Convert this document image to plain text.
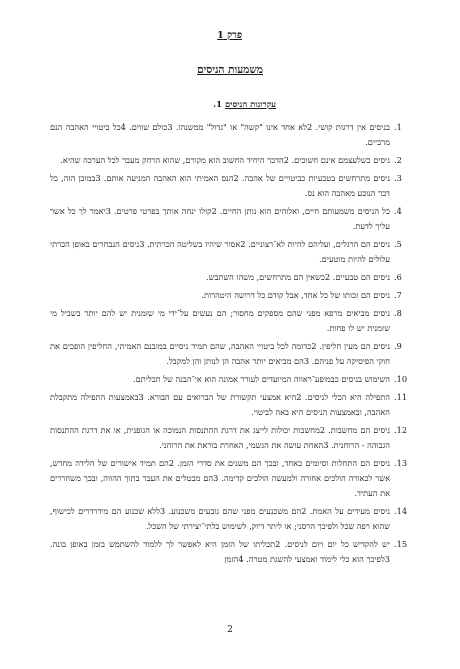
פרק 1
משמעות הניסים
עקרונות הניסים 1.
1.
בניסים אין דרגות קושי. 2לא אחד אינו "קשה" או "גדול" ממשנהו. 3כולם שווים. 4כל ביטויי האהבה הנם מרביים.
2.
ניסים כשלעצמם אינם חשובים. 2הדבר היחיד החשוב הוא מקורם, שהוא הרחק מעבר לכל הערכה שהיא.
3.
ניסים מתרחשים בטבעיות כביטויים של אהבה. 2הנס האמיתי הוא האהבה המניעה אותם. 3במובן הזה, כל דבר הנובע מאהבה הוא נס.
4.
כל הניסים משמעותם חיים, ואלוהים הוא נותן החיים. 2קולו ינחה אותך בפרטי פרטים. 3יאמר לך כל אשר עליך לדעת.
5.
ניסים הם הרגלים, ועליהם להיות לא־רצוניים. 2אסור שיהיו בשליטה הכרתית. 3ניסים הנבחרים באופן הכרתי עלולים להיות מוטעים.
6.
ניסים הם טבעיים. 2כשאין הם מתרחשים, משהו השתבש.
7.
ניסים הם זכותו של כל אחד, אבל קודם כל דרושה היטהרות.
8.
ניסים מביאים מרפא מפני שהם מספקים מחסור; הם נעשים על־ידי מי שזמנית יש להם יותר בשביל מי שזמנית יש לו פחות.
9.
ניסים הם מעין חליפין. 2כדומה לכל ביטויי האהבה, שהם תמיד ניסיים במובנם האמיתי, החליפין הופכים את חוקי הפיסיקה על פניהם. 3הם מביאים יותר אהבה הן לנותן והן למקבל.
10.
השימוש בניסים כבמופע־ראווה המיועדים לעורר אמונה הוא אי־הבנה של תכליתם.
11.
התפילה היא הכלי לניסים. 2היא אמצעי תקשורת של הברואים עם הבורא. 3באמצעות התפילה מתקבלת האהבה, ובאמצעות הניסים היא באה לביטוי.
12.
ניסים הם מחשבות. 2מחשבות יכולות לייצג את דרגת ההתנסות הנמוכה או הגופנית, או את דרגת ההתנסות הגבוהה - הרוחנית. 3האחת עושה את הגשמי, האחרת בוראת את הרוחני.
13.
ניסים הם התחלות וסיומים כאחד, ובכך הם משנים את סדרי הזמן. 2הם תמיד אישורים של הלידה מחדש, אשר לכאורה הולכים אחורה ולמעשה הולכים קדימה. 3הם מבטלים את העבר בתוך ההווה, ובכך משחררים את העתיד.
14.
ניסים מעידים על האמת. 2הם משכנעים מפני שהם נובעים משכנוע. 3ללא שכנוע הם מידרדרים לכישוף, שהוא רפה שכל ולפיכך הרסני; או ליתר דיוק, לשימוש בלתי־יצירתי של השכל.
15.
יש להקדיש כל יום ויום לניסים. 2תכליתו של הזמן היא לאפשר לך ללמוד להשתמש בזמן באופן בונה. 3לפיכך הוא כלי לימוד ואמצעי להשגת מטרה. 4הזמן
2
